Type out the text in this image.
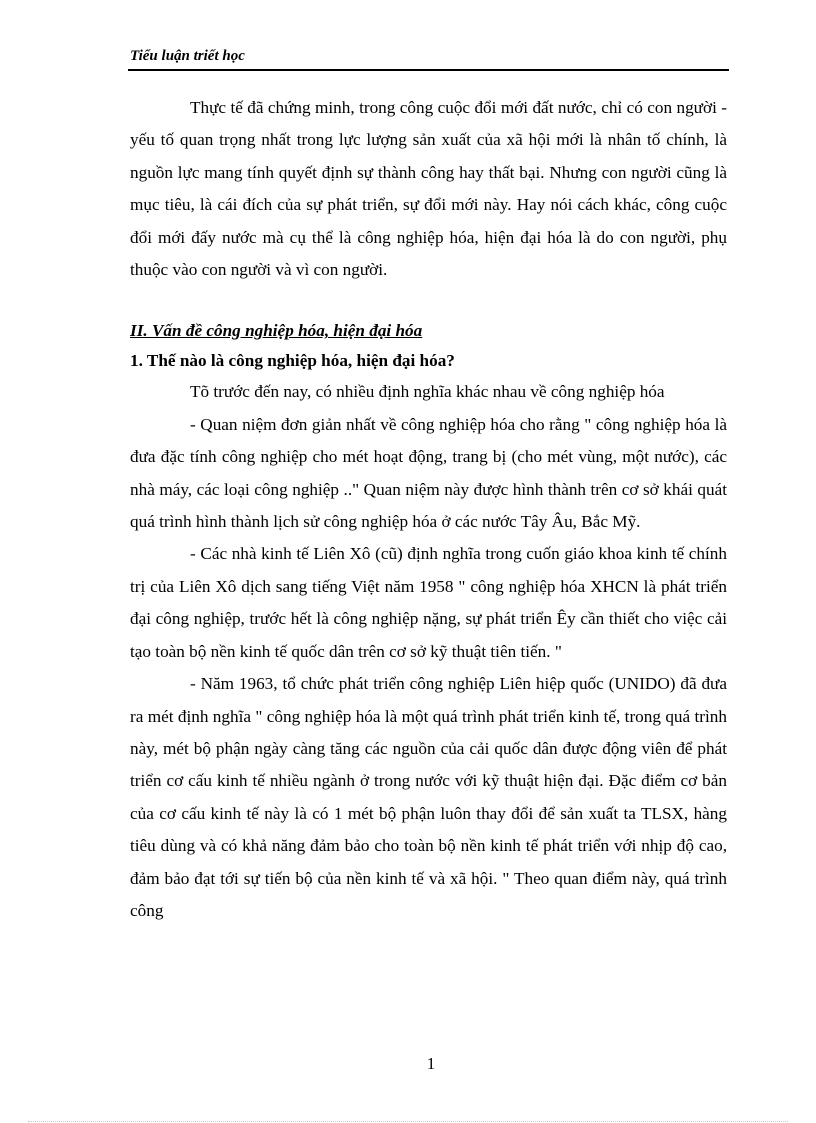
Tiểu luận triết học

Thực tế đã chứng minh, trong công cuộc đổi mới đất nước, chỉ có con người - yếu tố quan trọng nhất trong lực lượng sản xuất của xã hội mới là nhân tố chính, là nguồn lực mang tính quyết định sự thành công hay thất bại. Nhưng con người cũng là mục tiêu, là cái đích của sự phát triển, sự đổi mới này. Hay nói cách khác, công cuộc đổi mới đấy nước mà cụ thể là công nghiệp hóa, hiện đại hóa là do con người, phụ thuộc vào con người và vì con người.

II. Vấn đề công nghiệp hóa, hiện đại hóa

1. Thế nào là công nghiệp hóa, hiện đại hóa?

Tõ trước đến nay, có nhiều định nghĩa khác nhau về công nghiệp hóa

- Quan niệm đơn giản nhất về công nghiệp hóa cho rằng " công nghiệp hóa là đưa đặc tính công nghiệp cho mét hoạt động, trang bị (cho mét vùng, một nước), các nhà máy, các loại công nghiệp .." Quan niệm này được hình thành trên cơ sở khái quát quá trình hình thành lịch sử công nghiệp hóa ở các nước Tây Âu, Bắc Mỹ.

- Các nhà kinh tế Liên Xô (cũ) định nghĩa trong cuốn giáo khoa kinh tế chính trị của Liên Xô dịch sang tiếng Việt năm 1958 " công nghiệp hóa XHCN là phát triển đại công nghiệp, trước hết là công nghiệp nặng, sự phát triển Êy cần thiết cho việc cải tạo toàn bộ nền kinh tế quốc dân trên cơ sở kỹ thuật tiên tiến. "

- Năm 1963, tổ chức phát triển công nghiệp Liên hiệp quốc (UNIDO) đã đưa ra mét định nghĩa " công nghiệp hóa là một quá trình phát triển kinh tế, trong quá trình này, mét bộ phận ngày càng tăng các nguồn của cải quốc dân được động viên để phát triển cơ cấu kinh tế nhiều ngành ở trong nước với kỹ thuật hiện đại. Đặc điểm cơ bản của cơ cấu kinh tế này là có 1 mét bộ phận luôn thay đổi để sản xuất ta TLSX, hàng tiêu dùng và có khả năng đảm bảo cho toàn bộ nền kinh tế phát triển với nhịp độ cao, đảm bảo đạt tới sự tiến bộ của nền kinh tế và xã hội. " Theo quan điểm này, quá trình công

1
